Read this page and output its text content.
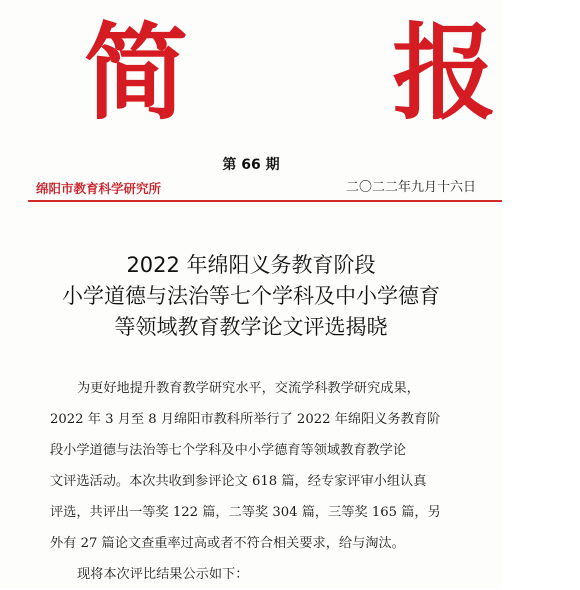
简 报
第 66 期
绵阳市教育科学研究所	二〇二二年九月十六日
2022 年绵阳义务教育阶段
小学道德与法治等七个学科及中小学德育
等领域教育教学论文评选揭晓
为更好地提升教育教学研究水平，交流学科教学研究成果，
2022 年 3 月至 8 月绵阳市教科所举行了 2022 年绵阳义务教育阶
段小学道德与法治等七个学科及中小学德育等领域教育教学论
文评选活动。本次共收到参评论文 618 篇，经专家评审小组认真
评选，共评出一等奖 122 篇，二等奖 304 篇，三等奖 165 篇，另
外有 27 篇论文查重率过高或者不符合相关要求，给与淘汰。
现将本次评比结果公示如下：
